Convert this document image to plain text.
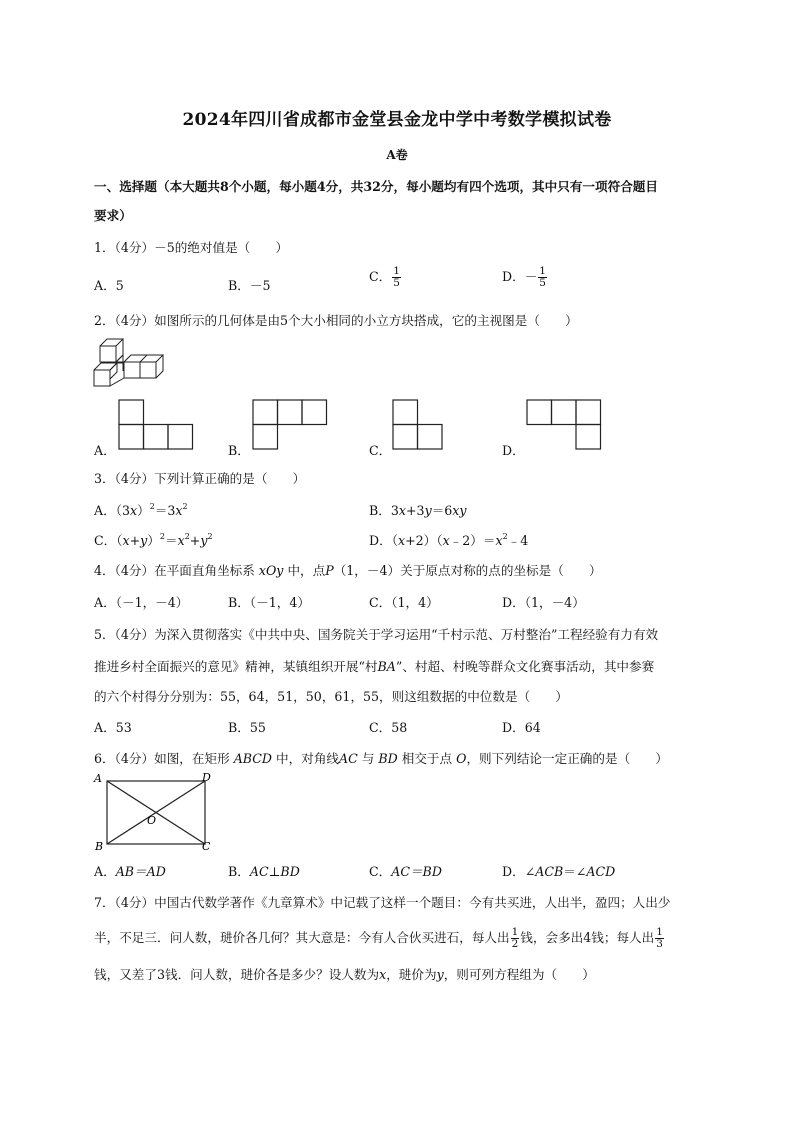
2024年四川省成都市金堂县金龙中学中考数学模拟试卷
A卷
一、选择题（本大题共8个小题，每小题4分，共32分，每小题均有四个选项，其中只有一项符合题目
要求）
1．（4分）－5的绝对值是（　　）
A．5	B．－5
C． $\frac{1}{5}$	D．－ $\frac{1}{5}$
2．（4分）如图所示的几何体是由5个大小相同的小立方块搭成，它的主视图是（　　）
A．	B．	C．	D．
3．（4分）下列计算正确的是（　　）
A．$(3x)^2=3x^2$	B．3x+3y＝6xy
C．$(x+y)^2=x^2+y^2$	D．$(x+2)(x﹣2)=x^2﹣4$
4．（4分）在平面直角坐标系 xOy 中，点P（1，－4）关于原点对称的点的坐标是（　　）
A．（－1，－4）	B．（－1，4）	C．（1，4）	D．（1，－4）
5．（4分）为深入贯彻落实《中共中央、国务院关于学习运用“千村示范、万村整治”工程经验有力有效
推进乡村全面振兴的意见》精神，某镇组织开展“村BA”、村超、村晚等群众文化赛事活动，其中参赛
的六个村得分分别为：55，64，51，50，61，55，则这组数据的中位数是（　　）
A．53	B．55	C．58	D．64
6．（4分）如图，在矩形 ABCD 中，对角线AC 与 BD 相交于点 O，则下列结论一定正确的是（　　）
A	D
B	C
O
A．AB＝AD	B．AC⊥BD	C．AC＝BD	D．∠ACB＝∠ACD
7．（4分）中国古代数学著作《九章算术》中记载了这样一个题目：今有共买进，人出半，盈四；人出少
半，不足三．问人数，琎价各几何？其大意是：今有人合伙买进石，每人出 $\frac{1}{2}$ 钱，会多出4钱；每人出 $\frac{1}{3}$
钱，又差了3钱．问人数，琎价各是多少？设人数为x，琎价为y，则可列方程组为（　　）
